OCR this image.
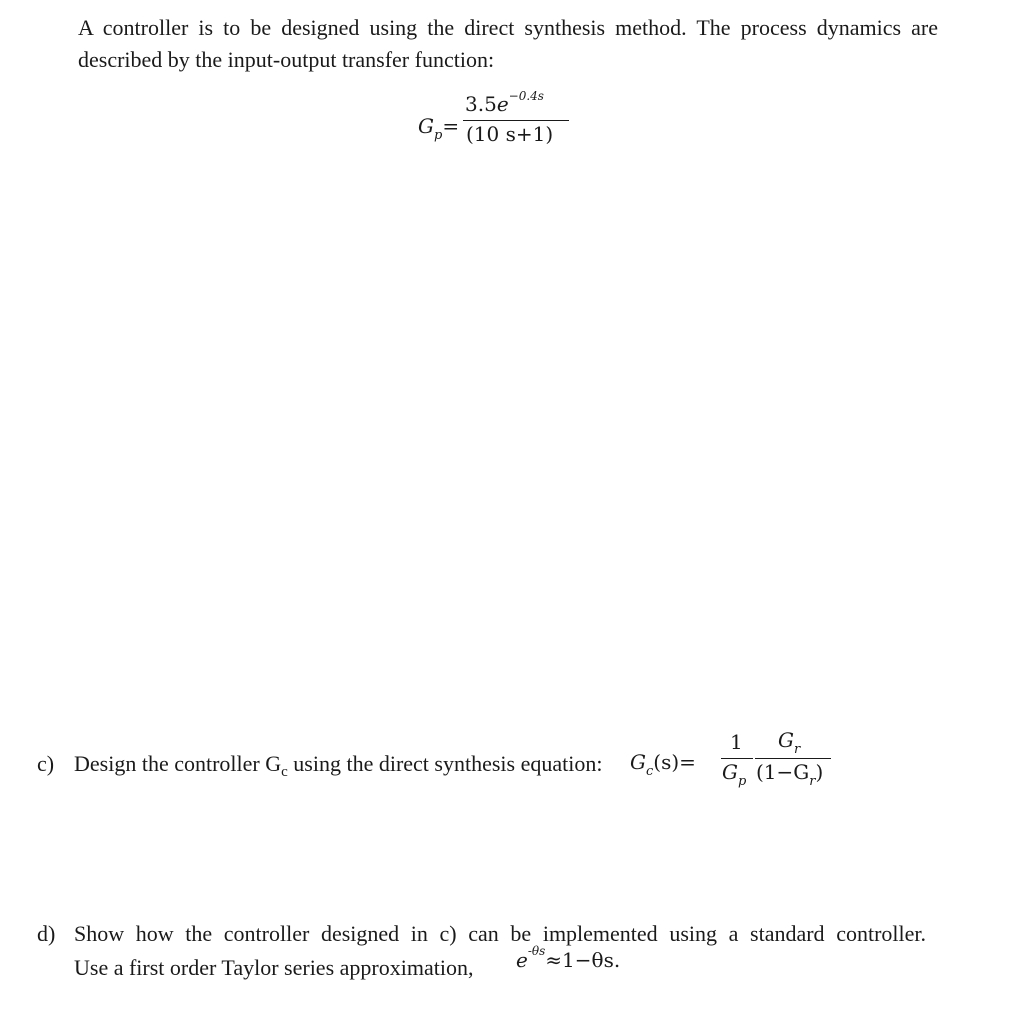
A controller is to be designed using the direct synthesis method. The process dynamics are described by the input-output transfer function:

$G_p=$
$3.5e^{-0.4s}$
(10 s+1)

c) Design the controller $G_c$ using the direct synthesis equation: $G_c(s)=$
1
$G_p$
$G_r$
$(1-G_r)$

d) Show how the controller designed in c) can be implemented using a standard controller.

Use a first order Taylor series approximation, $e^{-\theta s}\approx 1-\theta s$.
